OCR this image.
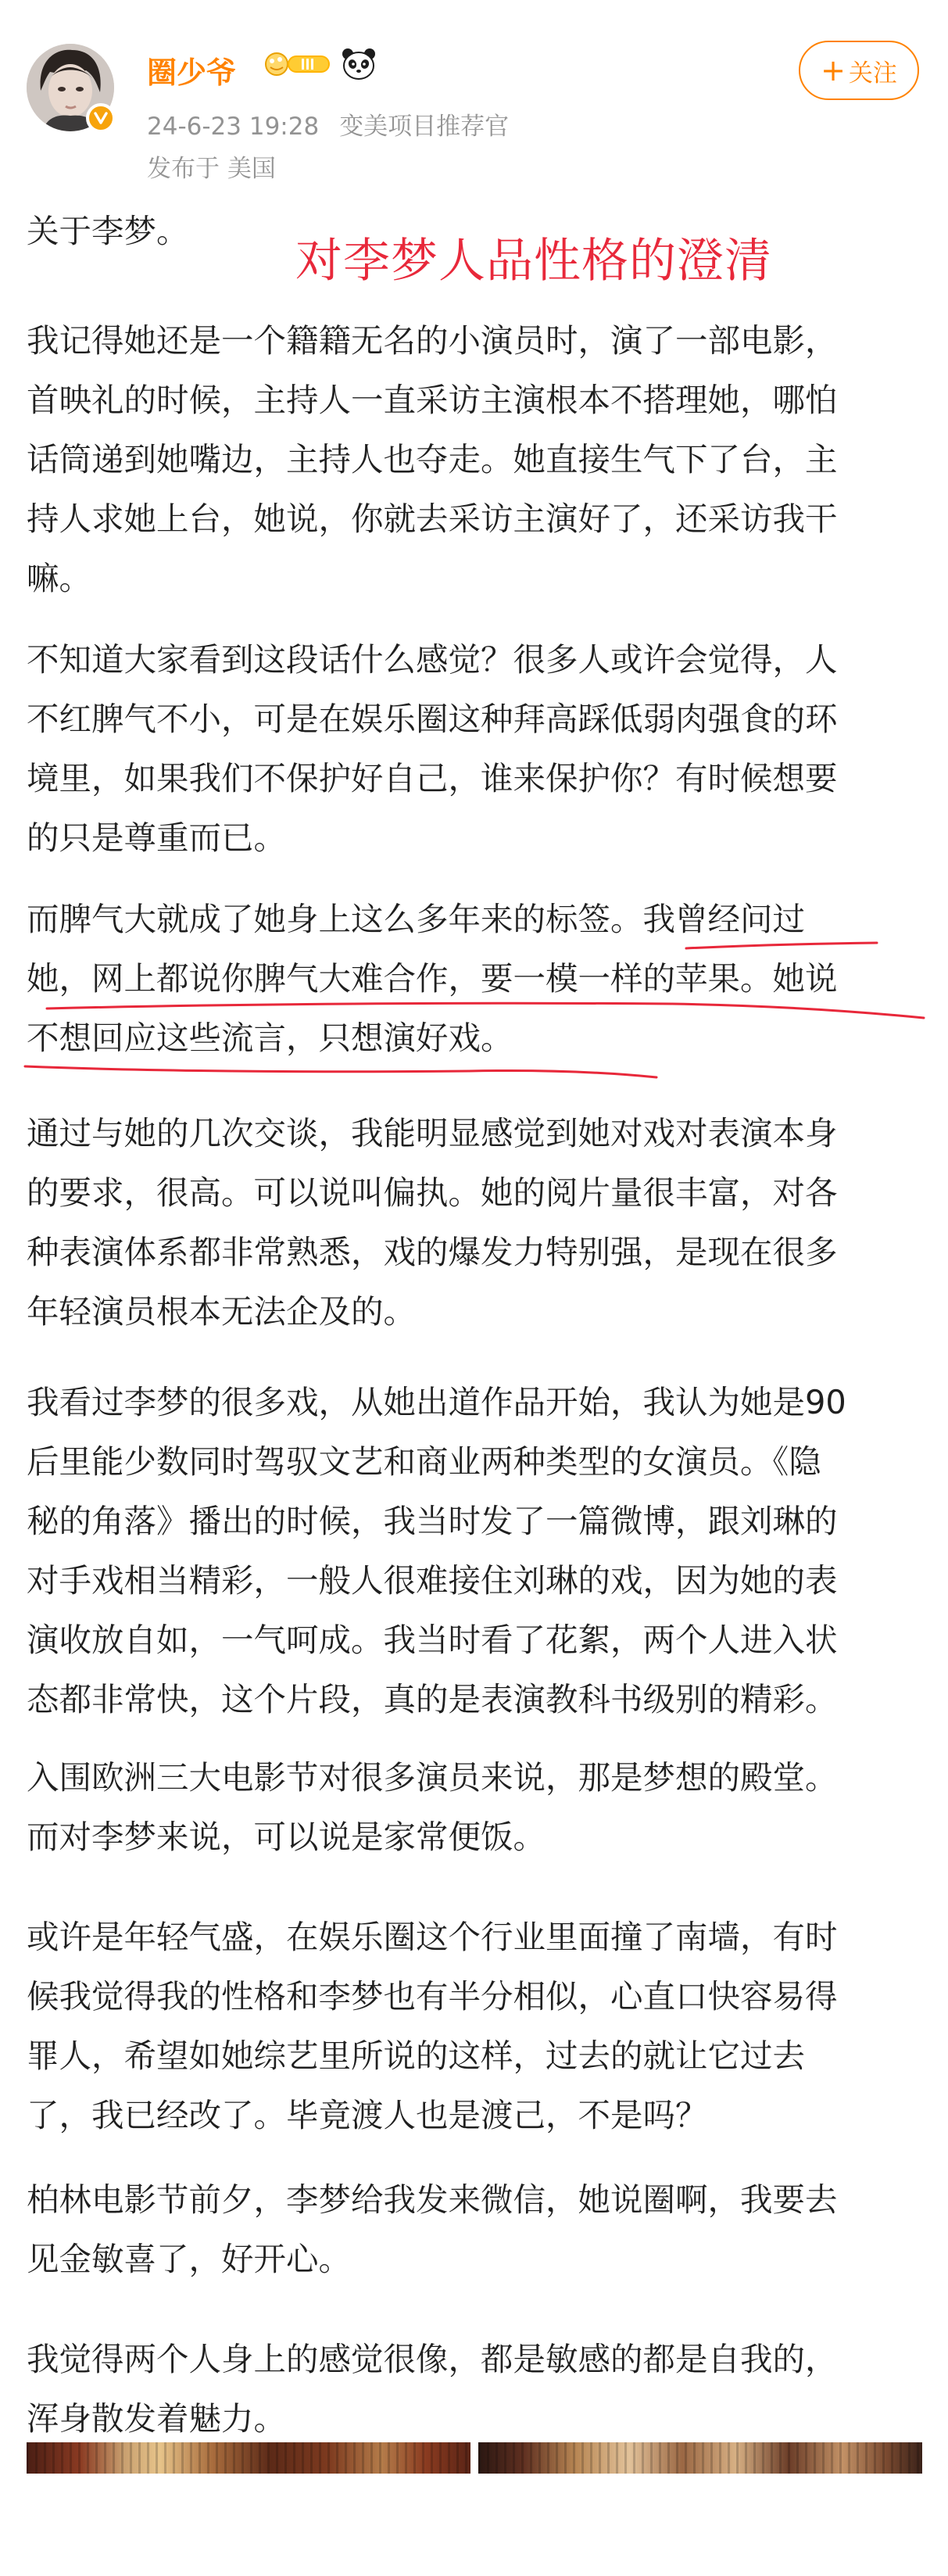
圈少爷
24-6-23 19:28 变美项目推荐官
发布于 美国
+ 关注
对李梦人品性格的澄清
关于李梦。
我记得她还是一个籍籍无名的小演员时，演了一部电影，
首映礼的时候，主持人一直采访主演根本不搭理她，哪怕
话筒递到她嘴边，主持人也夺走。她直接生气下了台，主
持人求她上台，她说，你就去采访主演好了，还采访我干
嘛。
不知道大家看到这段话什么感觉？很多人或许会觉得，人
不红脾气不小，可是在娱乐圈这种拜高踩低弱肉强食的环
境里，如果我们不保护好自己，谁来保护你？有时候想要
的只是尊重而已。
而脾气大就成了她身上这么多年来的标签。我曾经问过
她，网上都说你脾气大难合作，要一模一样的苹果。她说
不想回应这些流言，只想演好戏。
通过与她的几次交谈，我能明显感觉到她对戏对表演本身
的要求，很高。可以说叫偏执。她的阅片量很丰富，对各
种表演体系都非常熟悉，戏的爆发力特别强，是现在很多
年轻演员根本无法企及的。
我看过李梦的很多戏，从她出道作品开始，我认为她是90
后里能少数同时驾驭文艺和商业两种类型的女演员。《隐
秘的角落》播出的时候，我当时发了一篇微博，跟刘琳的
对手戏相当精彩，一般人很难接住刘琳的戏，因为她的表
演收放自如，一气呵成。我当时看了花絮，两个人进入状
态都非常快，这个片段，真的是表演教科书级别的精彩。
入围欧洲三大电影节对很多演员来说，那是梦想的殿堂。
而对李梦来说，可以说是家常便饭。
或许是年轻气盛，在娱乐圈这个行业里面撞了南墙，有时
候我觉得我的性格和李梦也有半分相似，心直口快容易得
罪人，希望如她综艺里所说的这样，过去的就让它过去
了，我已经改了。毕竟渡人也是渡己，不是吗？
柏林电影节前夕，李梦给我发来微信，她说圈啊，我要去
见金敏喜了，好开心。
我觉得两个人身上的感觉很像，都是敏感的都是自我的，
浑身散发着魅力。
